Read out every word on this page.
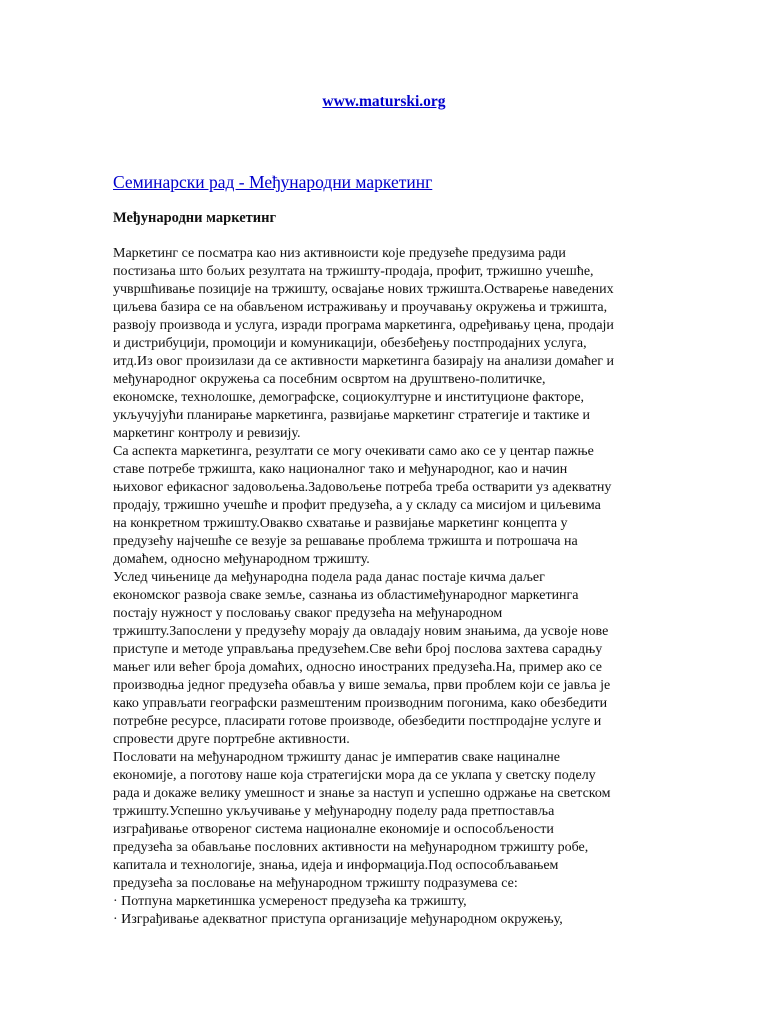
www.maturski.org
Семинарски рад - Међународни маркетинг
Међународни маркетинг
Маркетинг се посматра као низ активноисти које предузеће предузима ради
постизања што бољих резултата на тржишту-продаја, профит, тржишно учешће,
учвршћивање позиције на тржишту, освајање нових тржишта.Остварење наведених
циљева базира се на обављеном истраживању и проучавању окружења и тржишта,
развоју производа и услуга, изради програма маркетинга, одређивању цена, продаји
и дистрибуцији, промоцији и комуникацији, обезбеђењу постпродајних услуга,
итд.Из овог произилази да се активности маркетинга базирају на анализи домаћег и
међународног окружења са посебним освртом на друштвено-политичке,
економске, технолошке, демографске, социокултурне и институционе факторе,
укључујући планирање маркетинга, развијање маркетинг стратегије и тактике и
маркетинг контролу и ревизију.
Са аспекта маркетинга, резултати се могу очекивати само ако се у центар пажње
ставе потребе тржишта, како националног тако и међународног, као и начин
њиховог ефикасног задовољења.Задовољење потреба треба остварити уз адекватну
продају, тржишно учешће и профит предузећа, а у складу са мисијом и циљевима
на конкретном тржишту.Овакво схватање и развијање маркетинг концепта у
предузећу најчешће се везује за решавање проблема тржишта и потрошача на
домаћем, односно међународном тржишту.
Услед чињенице да међународна подела рада данас постаје кичма даљег
економског развоја сваке земље, сазнања из областимеђународног маркетинга
постају нужност у пословању сваког предузећа на међународном
тржишту.Запослени у предузећу морају да овладају новим знањима, да усвоје нове
приступе и методе управљања предузећем.Све већи број послова захтева сарадњу
мањег или већег броја домаћих, односно иностраних предузећа.На, пример ако се
производња једног предузећа обавља у више земаља, први проблем који се јавља је
како управљати географски размештеним производним погонима, како обезбедити
потребне ресурсе, пласирати готове производе, обезбедити постпродајне услуге и
спровести друге портребне активности.
Пословати на међународном тржишту данас је императив сваке нациналне
економије, а поготову наше која стратегијски мора да се уклапа у светску поделу
рада и докаже велику умешност и знање за наступ и успешно одржање на светском
тржишту.Успешно укључивање у међународну поделу рада претпоставља
изграђивање отвореног система националне економије и оспособљености
предузећа за обављање пословних активности на међународном тржишту робе,
капитала и технологије, знања, идеја и информација.Под оспособљавањем
предузећа за пословање на међународном тржишту подразумева се:
· Потпуна маркетиншка усмереност предузећа ка тржишту,
· Изграђивање адекватног приступа организације међународном окружењу,
